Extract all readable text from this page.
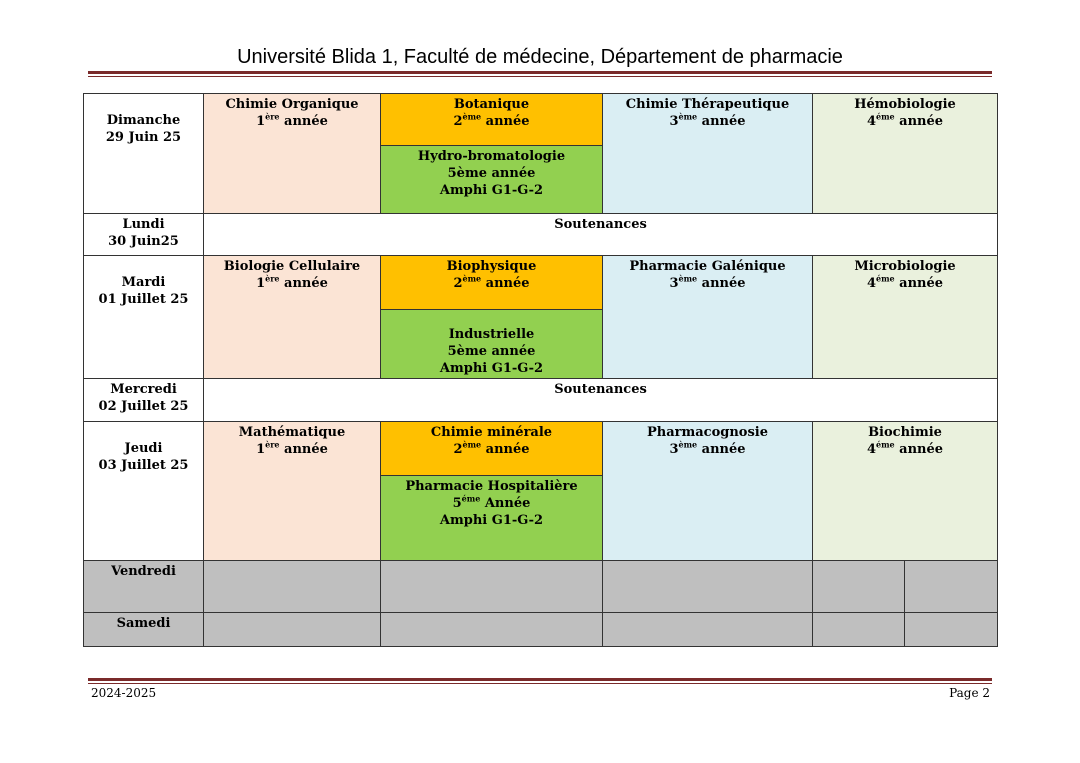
Université Blida 1, Faculté de médecine, Département de pharmacie
Dimanche
29 Juin 25
Chimie Organique
1ère année
Botanique
2ème année
Hydro-bromatologie
5ème année
Amphi G1-G-2
Chimie Thérapeutique
3ème année
Hémobiologie
$4^{éme}$ année
Lundi
30 Juin25
Soutenances
Mardi
01 Juillet 25
Biologie Cellulaire
1ère année
Biophysique
2ème année
Industrielle
5ème année
Amphi G1-G-2
Pharmacie Galénique
3ème année
Microbiologie
$4^{éme}$ année
Mercredi
02 Juillet 25
Soutenances
Jeudi
03 Juillet 25
Mathématique
1ère année
Chimie minérale
2ème année
Pharmacie Hospitalière
$5^{éme}$ Année
Amphi G1-G-2
Pharmacognosie
3ème année
Biochimie
$4^{éme}$ année
Vendredi
Samedi
2024-2025	Page 2
